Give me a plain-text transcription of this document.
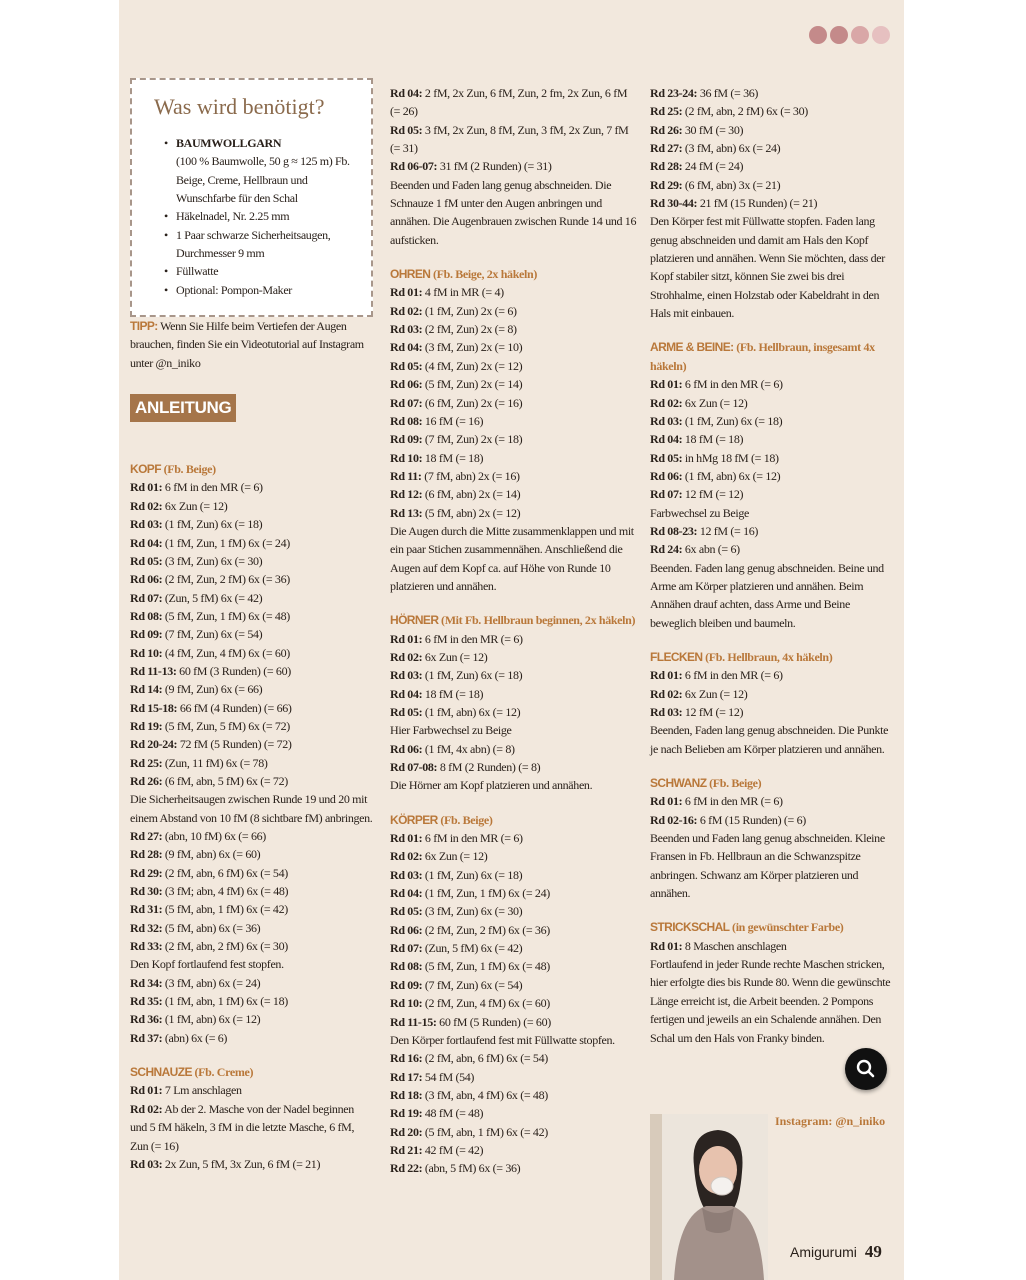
Was wird benötigt?
• BAUMWOLLGARN
(100 % Baumwolle, 50 g ≈ 125 m) Fb. Beige, Creme, Hellbraun und Wunschfarbe für den Schal
• Häkelnadel, Nr. 2.25 mm
• 1 Paar schwarze Sicherheitsaugen, Durchmesser 9 mm
• Füllwatte
• Optional: Pompon-Maker

TIPP: Wenn Sie Hilfe beim Vertiefen der Augen brauchen, finden Sie ein Videotutorial auf Instagram unter @n_iniko

ANLEITUNG

KOPF (Fb. Beige)

Rd 01: 6 fM in den MR (= 6)

Rd 02: 6x Zun (= 12)

Rd 03: (1 fM, Zun) 6x (= 18)

Rd 04: (1 fM, Zun, 1 fM) 6x (= 24)

Rd 05: (3 fM, Zun) 6x (= 30)

Rd 06: (2 fM, Zun, 2 fM) 6x (= 36)

Rd 07: (Zun, 5 fM) 6x (= 42)

Rd 08: (5 fM, Zun, 1 fM) 6x (= 48)

Rd 09: (7 fM, Zun) 6x (= 54)

Rd 10: (4 fM, Zun, 4 fM) 6x (= 60)

Rd 11-13: 60 fM (3 Runden) (= 60)

Rd 14: (9 fM, Zun) 6x (= 66)

Rd 15-18: 66 fM (4 Runden) (= 66)

Rd 19: (5 fM, Zun, 5 fM) 6x (= 72)

Rd 20-24: 72 fM (5 Runden) (= 72)

Rd 25: (Zun, 11 fM) 6x (= 78)

Rd 26: (6 fM, abn, 5 fM) 6x (= 72)

Die Sicherheitsaugen zwischen Runde 19 und 20 mit einem Abstand von 10 fM (8 sichtbare fM) anbringen.

Rd 27: (abn, 10 fM) 6x (= 66)

Rd 28: (9 fM, abn) 6x (= 60)

Rd 29: (2 fM, abn, 6 fM) 6x (= 54)

Rd 30: (3 fM; abn, 4 fM) 6x (= 48)

Rd 31: (5 fM, abn, 1 fM) 6x (= 42)

Rd 32: (5 fM, abn) 6x (= 36)

Rd 33: (2 fM, abn, 2 fM) 6x (= 30)

Den Kopf fortlaufend fest stopfen.

Rd 34: (3 fM, abn) 6x (= 24)

Rd 35: (1 fM, abn, 1 fM) 6x (= 18)

Rd 36: (1 fM, abn) 6x (= 12)

Rd 37: (abn) 6x (= 6)

SCHNAUZE (Fb. Creme)

Rd 01: 7 Lm anschlagen

Rd 02: Ab der 2. Masche von der Nadel beginnen und 5 fM häkeln, 3 fM in die letzte Masche, 6 fM, Zun (= 16)

Rd 03: 2x Zun, 5 fM, 3x Zun, 6 fM (= 21)

Rd 04: 2 fM, 2x Zun, 6 fM, Zun, 2 fm, 2x Zun, 6 fM (= 26)

Rd 05: 3 fM, 2x Zun, 8 fM, Zun, 3 fM, 2x Zun, 7 fM (= 31)

Rd 06-07: 31 fM (2 Runden) (= 31)

Beenden und Faden lang genug abschneiden. Die Schnauze 1 fM unter den Augen anbringen und annähen. Die Augenbrauen zwischen Runde 14 und 16 aufsticken.

OHREN (Fb. Beige, 2x häkeln)

Rd 01: 4 fM in MR (= 4)

Rd 02: (1 fM, Zun) 2x (= 6)

Rd 03: (2 fM, Zun) 2x (= 8)

Rd 04: (3 fM, Zun) 2x (= 10)

Rd 05: (4 fM, Zun) 2x (= 12)

Rd 06: (5 fM, Zun) 2x (= 14)

Rd 07: (6 fM, Zun) 2x (= 16)

Rd 08: 16 fM (= 16)

Rd 09: (7 fM, Zun) 2x (= 18)

Rd 10: 18 fM (= 18)

Rd 11: (7 fM, abn) 2x (= 16)

Rd 12: (6 fM, abn) 2x (= 14)

Rd 13: (5 fM, abn) 2x (= 12)

Die Augen durch die Mitte zusammenklappen und mit ein paar Stichen zusammennähen. Anschließend die Augen auf dem Kopf ca. auf Höhe von Runde 10 platzieren und annähen.

HÖRNER (Mit Fb. Hellbraun beginnen, 2x häkeln)

Rd 01: 6 fM in den MR (= 6)

Rd 02: 6x Zun (= 12)

Rd 03: (1 fM, Zun) 6x (= 18)

Rd 04: 18 fM (= 18)

Rd 05: (1 fM, abn) 6x (= 12)

Hier Farbwechsel zu Beige

Rd 06: (1 fM, 4x abn) (= 8)

Rd 07-08: 8 fM (2 Runden) (= 8)

Die Hörner am Kopf platzieren und annähen.

KÖRPER (Fb. Beige)

Rd 01: 6 fM in den MR (= 6)

Rd 02: 6x Zun (= 12)

Rd 03: (1 fM, Zun) 6x (= 18)

Rd 04: (1 fM, Zun, 1 fM) 6x (= 24)

Rd 05: (3 fM, Zun) 6x (= 30)

Rd 06: (2 fM, Zun, 2 fM) 6x (= 36)

Rd 07: (Zun, 5 fM) 6x (= 42)

Rd 08: (5 fM, Zun, 1 fM) 6x (= 48)

Rd 09: (7 fM, Zun) 6x (= 54)

Rd 10: (2 fM, Zun, 4 fM) 6x (= 60)

Rd 11-15: 60 fM (5 Runden) (= 60)

Den Körper fortlaufend fest mit Füllwatte stopfen.

Rd 16: (2 fM, abn, 6 fM) 6x (= 54)

Rd 17: 54 fM (54)

Rd 18: (3 fM, abn, 4 fM) 6x (= 48)

Rd 19: 48 fM (= 48)

Rd 20: (5 fM, abn, 1 fM) 6x (= 42)

Rd 21: 42 fM (= 42)

Rd 22: (abn, 5 fM) 6x (= 36)

Rd 23-24: 36 fM (= 36)

Rd 25: (2 fM, abn, 2 fM) 6x (= 30)

Rd 26: 30 fM (= 30)

Rd 27: (3 fM, abn) 6x (= 24)

Rd 28: 24 fM (= 24)

Rd 29: (6 fM, abn) 3x (= 21)

Rd 30-44: 21 fM (15 Runden) (= 21)

Den Körper fest mit Füllwatte stopfen. Faden lang genug abschneiden und damit am Hals den Kopf platzieren und annähen. Wenn Sie möchten, dass der Kopf stabiler sitzt, können Sie zwei bis drei Strohhalme, einen Holzstab oder Kabeldraht in den Hals mit einbauen.

ARME & BEINE: (Fb. Hellbraun, insgesamt 4x häkeln)

Rd 01: 6 fM in den MR (= 6)

Rd 02: 6x Zun (= 12)

Rd 03: (1 fM, Zun) 6x (= 18)

Rd 04: 18 fM (= 18)

Rd 05: in hMg 18 fM (= 18)

Rd 06: (1 fM, abn) 6x (= 12)

Rd 07: 12 fM (= 12)

Farbwechsel zu Beige

Rd 08-23: 12 fM (= 16)

Rd 24: 6x abn (= 6)

Beenden. Faden lang genug abschneiden. Beine und Arme am Körper platzieren und annähen. Beim Annähen drauf achten, dass Arme und Beine beweglich bleiben und baumeln.

FLECKEN (Fb. Hellbraun, 4x häkeln)

Rd 01: 6 fM in den MR (= 6)

Rd 02: 6x Zun (= 12)

Rd 03: 12 fM (= 12)

Beenden, Faden lang genug abschneiden. Die Punkte je nach Belieben am Körper platzieren und annähen.

SCHWANZ (Fb. Beige)

Rd 01: 6 fM in den MR (= 6)

Rd 02-16: 6 fM (15 Runden) (= 6)

Beenden und Faden lang genug abschneiden. Kleine Fransen in Fb. Hellbraun an die Schwanzspitze anbringen. Schwanz am Körper platzieren und annähen.

STRICKSCHAL (in gewünschter Farbe)

Rd 01: 8 Maschen anschlagen

Fortlaufend in jeder Runde rechte Maschen stricken, hier erfolgte dies bis Runde 80. Wenn die gewünschte Länge erreicht ist, die Arbeit beenden. 2 Pompons fertigen und jeweils an ein Schalende annähen. Den Schal um den Hals von Franky binden.

Instagram: @n_iniko
Amigurumi 49
